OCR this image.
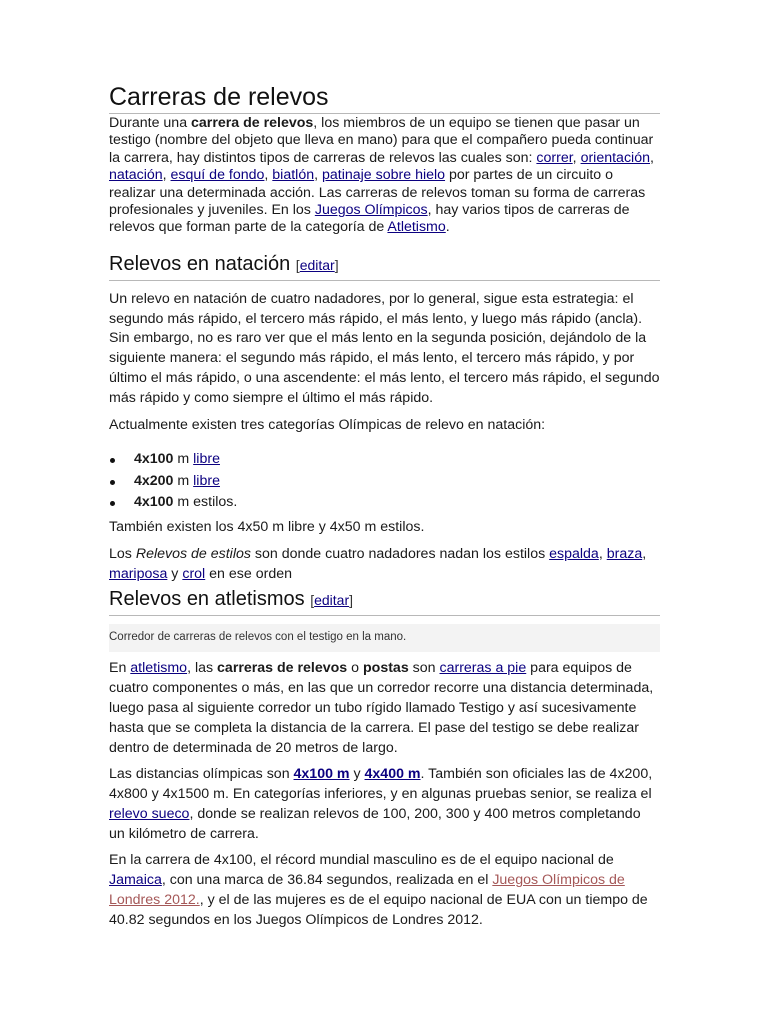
Carreras de relevos

Durante una carrera de relevos, los miembros de un equipo se tienen que pasar un testigo (nombre del objeto que lleva en mano) para que el compañero pueda continuar la carrera, hay distintos tipos de carreras de relevos las cuales son: correr, orientación, natación, esquí de fondo, biatlón, patinaje sobre hielo por partes de un circuito o realizar una determinada acción. Las carreras de relevos toman su forma de carreras profesionales y juveniles. En los Juegos Olímpicos, hay varios tipos de carreras de relevos que forman parte de la categoría de Atletismo.

Relevos en natación [editar]

Un relevo en natación de cuatro nadadores, por lo general, sigue esta estrategia: el segundo más rápido, el tercero más rápido, el más lento, y luego más rápido (ancla). Sin embargo, no es raro ver que el más lento en la segunda posición, dejándolo de la siguiente manera: el segundo más rápido, el más lento, el tercero más rápido, y por último el más rápido, o una ascendente: el más lento, el tercero más rápido, el segundo más rápido y como siempre el último el más rápido.

Actualmente existen tres categorías Olímpicas de relevo en natación:

4x100 m libre
4x200 m libre
4x100 m estilos.

También existen los 4x50 m libre y 4x50 m estilos.

Los Relevos de estilos son donde cuatro nadadores nadan los estilos espalda, braza, mariposa y crol en ese orden

Relevos en atletismos [editar]
Corredor de carreras de relevos con el testigo en la mano.

En atletismo, las carreras de relevos o postas son carreras a pie para equipos de cuatro componentes o más, en las que un corredor recorre una distancia determinada, luego pasa al siguiente corredor un tubo rígido llamado Testigo y así sucesivamente hasta que se completa la distancia de la carrera. El pase del testigo se debe realizar dentro de determinada de 20 metros de largo.

Las distancias olímpicas son 4x100 m y 4x400 m. También son oficiales las de 4x200, 4x800 y 4x1500 m. En categorías inferiores, y en algunas pruebas senior, se realiza el relevo sueco, donde se realizan relevos de 100, 200, 300 y 400 metros completando un kilómetro de carrera.

En la carrera de 4x100, el récord mundial masculino es de el equipo nacional de Jamaica, con una marca de 36.84 segundos, realizada en el Juegos Olímpicos de Londres 2012., y el de las mujeres es de el equipo nacional de EUA con un tiempo de 40.82 segundos en los Juegos Olímpicos de Londres 2012.
